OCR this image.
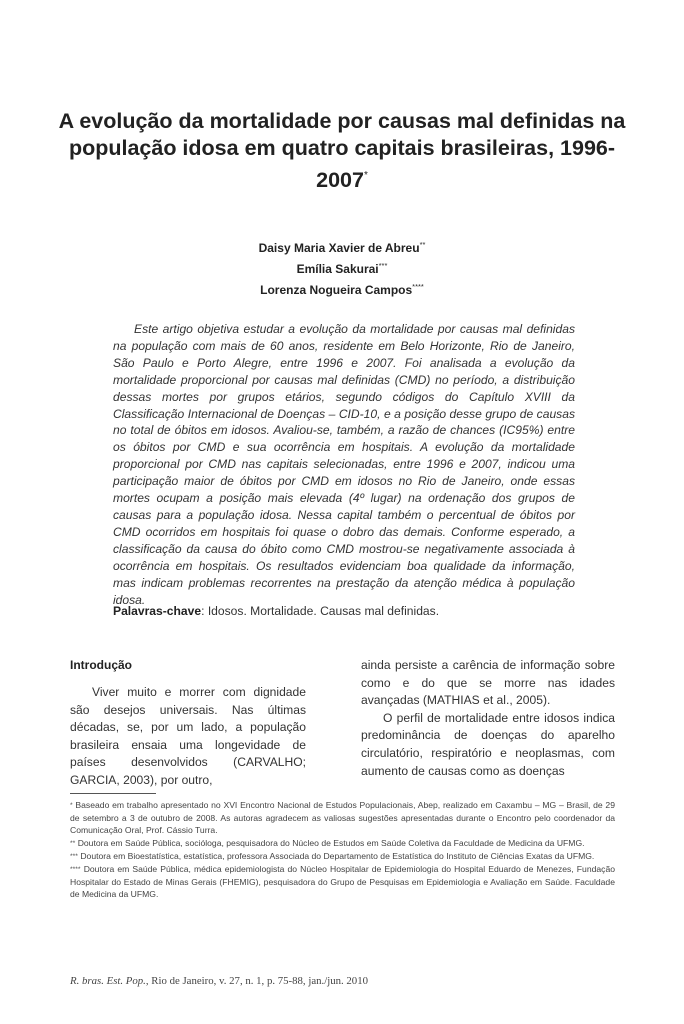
A evolução da mortalidade por causas mal definidas na população idosa em quatro capitais brasileiras, 1996-2007*
Daisy Maria Xavier de Abreu**
Emília Sakurai***
Lorenza Nogueira Campos****
Este artigo objetiva estudar a evolução da mortalidade por causas mal definidas na população com mais de 60 anos, residente em Belo Horizonte, Rio de Janeiro, São Paulo e Porto Alegre, entre 1996 e 2007. Foi analisada a evolução da mortalidade proporcional por causas mal definidas (CMD) no período, a distribuição dessas mortes por grupos etários, segundo códigos do Capítulo XVIII da Classificação Internacional de Doenças – CID-10, e a posição desse grupo de causas no total de óbitos em idosos. Avaliou-se, também, a razão de chances (IC95%) entre os óbitos por CMD e sua ocorrência em hospitais. A evolução da mortalidade proporcional por CMD nas capitais selecionadas, entre 1996 e 2007, indicou uma participação maior de óbitos por CMD em idosos no Rio de Janeiro, onde essas mortes ocupam a posição mais elevada (4º lugar) na ordenação dos grupos de causas para a população idosa. Nessa capital também o percentual de óbitos por CMD ocorridos em hospitais foi quase o dobro das demais. Conforme esperado, a classificação da causa do óbito como CMD mostrou-se negativamente associada à ocorrência em hospitais. Os resultados evidenciam boa qualidade da informação, mas indicam problemas recorrentes na prestação da atenção médica à população idosa.
Palavras-chave: Idosos. Mortalidade. Causas mal definidas.
Introdução

Viver muito e morrer com dignidade são desejos universais. Nas últimas décadas, se, por um lado, a população brasileira ensaia uma longevidade de países desenvolvidos (CARVALHO; GARCIA, 2003), por outro,

ainda persiste a carência de informação sobre como e do que se morre nas idades avançadas (MATHIAS et al., 2005).

O perfil de mortalidade entre idosos indica predominância de doenças do aparelho circulatório, respiratório e neoplasmas, com aumento de causas como as doenças

* Baseado em trabalho apresentado no XVI Encontro Nacional de Estudos Populacionais, Abep, realizado em Caxambu – MG – Brasil, de 29 de setembro a 3 de outubro de 2008. As autoras agradecem as valiosas sugestões apresentadas durante o Encontro pelo coordenador da Comunicação Oral, Prof. Cássio Turra.

** Doutora em Saúde Pública, socióloga, pesquisadora do Núcleo de Estudos em Saúde Coletiva da Faculdade de Medicina da UFMG.

*** Doutora em Bioestatística, estatística, professora Associada do Departamento de Estatística do Instituto de Ciências Exatas da UFMG.

**** Doutora em Saúde Pública, médica epidemiologista do Núcleo Hospitalar de Epidemiologia do Hospital Eduardo de Menezes, Fundação Hospitalar do Estado de Minas Gerais (FHEMIG), pesquisadora do Grupo de Pesquisas em Epidemiologia e Avaliação em Saúde. Faculdade de Medicina da UFMG.

R. bras. Est. Pop., Rio de Janeiro, v. 27, n. 1, p. 75-88, jan./jun. 2010
